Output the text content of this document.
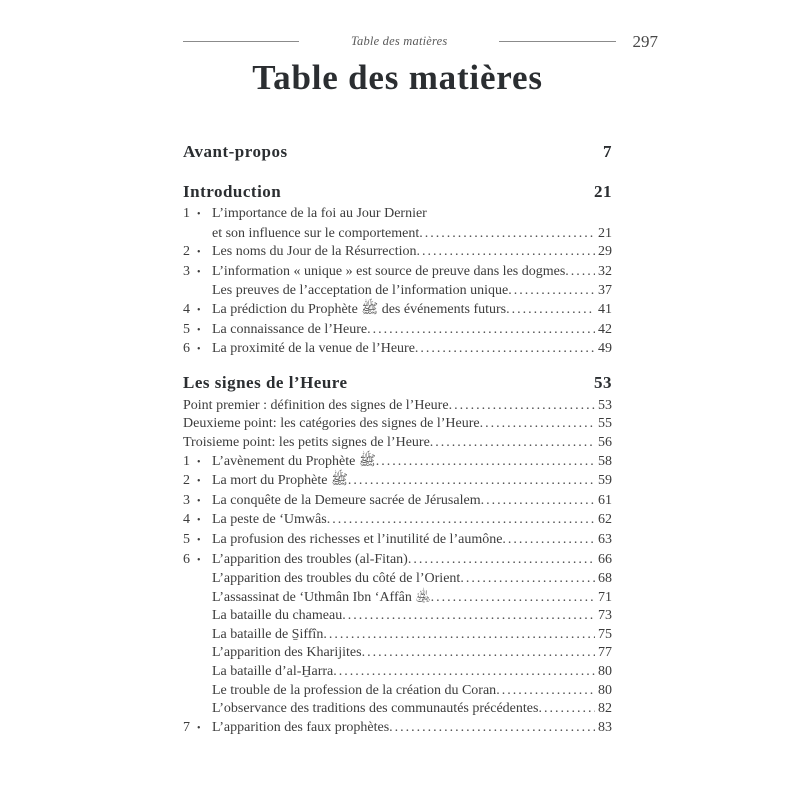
Table des matières	297
Table des matières
Avant-propos	7
Introduction	21
1 • L’importance de la foi au Jour Dernier
et son influence sur le comportement .....	21
2 • Les noms du Jour de la Résurrection .....	29
3 • L’information « unique » est source de preuve dans les dogmes ..... 32
Les preuves de l’acceptation de l’information unique .....	37
4 • La prédiction du Prophète ﷺ des événements futurs .....	41
5 • La connaissance de l’Heure .....	42
6 • La proximité de la venue de l’Heure .....	49
Les signes de l’Heure	53
Point premier : définition des signes de l’Heure .....	53
Deuxieme point: les catégories des signes de l’Heure .....	55
Troisieme point: les petits signes de l’Heure .....	56
1 • L’avènement du Prophète ﷺ .....	58
2 • La mort du Prophète ﷺ .....	59
3 • La conquête de la Demeure sacrée de Jérusalem .....	61
4 • La peste de ‘Umwâs .....	62
5 • La profusion des richesses et l’inutilité de l’aumône .....	63
6 • L’apparition des troubles (al-Fitan) .....	66
L’apparition des troubles du côté de l’Orient .....	68
L’assassinat de ‘Uthmân Ibn ‘Affân ﵁ .....	71
La bataille du chameau .....	73
La bataille de S̱iffîn .....	75
L’apparition des Kharijites .....	77
La bataille d’al-H̱arra .....	80
Le trouble de la profession de la création du Coran .....	80
L’observance des traditions des communautés précédentes .....	82
7 • L’apparition des faux prophètes .....	83
